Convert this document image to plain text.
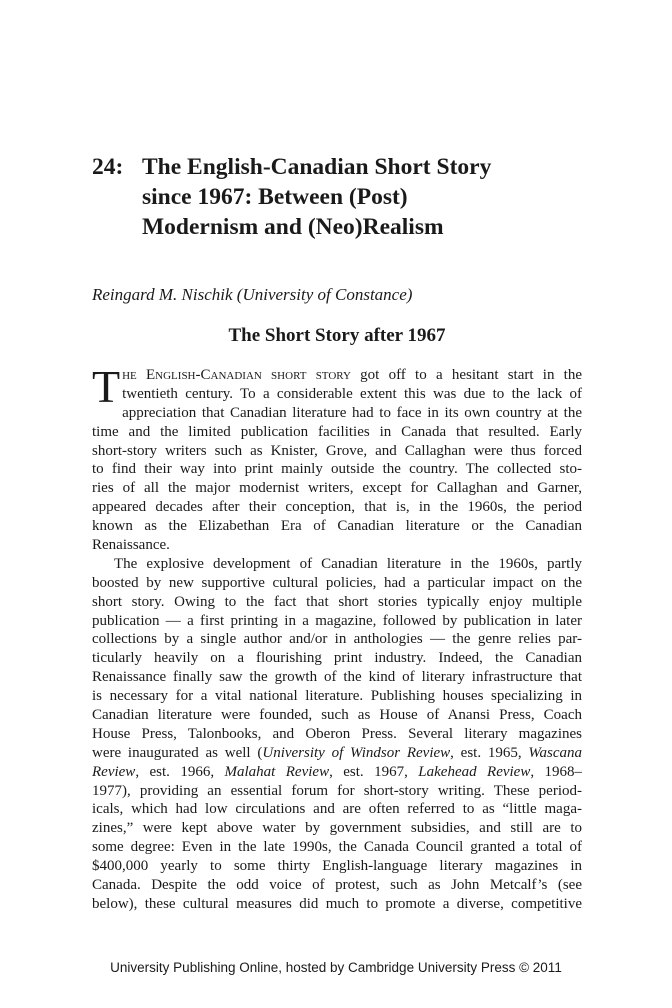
24: The English-Canadian Short Story
since 1967: Between (Post)
Modernism and (Neo)Realism
Reingard M. Nischik (University of Constance)
The Short Story after 1967
T he English-Canadian short story got off to a hesitant start in the
twentieth century. To a considerable extent this was due to the lack of
appreciation that Canadian literature had to face in its own country at the
time and the limited publication facilities in Canada that resulted. Early
short-story writers such as Knister, Grove, and Callaghan were thus forced
to find their way into print mainly outside the country. The collected sto-
ries of all the major modernist writers, except for Callaghan and Garner,
appeared decades after their conception, that is, in the 1960s, the period
known as the Elizabethan Era of Canadian literature or the Canadian
Renaissance.
The explosive development of Canadian literature in the 1960s, partly
boosted by new supportive cultural policies, had a particular impact on the
short story. Owing to the fact that short stories typically enjoy multiple
publication — a first printing in a magazine, followed by publication in later
collections by a single author and/or in anthologies — the genre relies par-
ticularly heavily on a flourishing print industry. Indeed, the Canadian
Renaissance finally saw the growth of the kind of literary infrastructure that
is necessary for a vital national literature. Publishing houses specializing in
Canadian literature were founded, such as House of Anansi Press, Coach
House Press, Talonbooks, and Oberon Press. Several literary magazines
were inaugurated as well (University of Windsor Review, est. 1965, Wascana
Review, est. 1966, Malahat Review, est. 1967, Lakehead Review, 1968–
1977), providing an essential forum for short-story writing. These period-
icals, which had low circulations and are often referred to as “little maga-
zines,” were kept above water by government subsidies, and still are to
some degree: Even in the late 1990s, the Canada Council granted a total of
$400,000 yearly to some thirty English-language literary magazines in
Canada. Despite the odd voice of protest, such as John Metcalf’s (see
below), these cultural measures did much to promote a diverse, competitive
University Publishing Online, hosted by Cambridge University Press © 2011
